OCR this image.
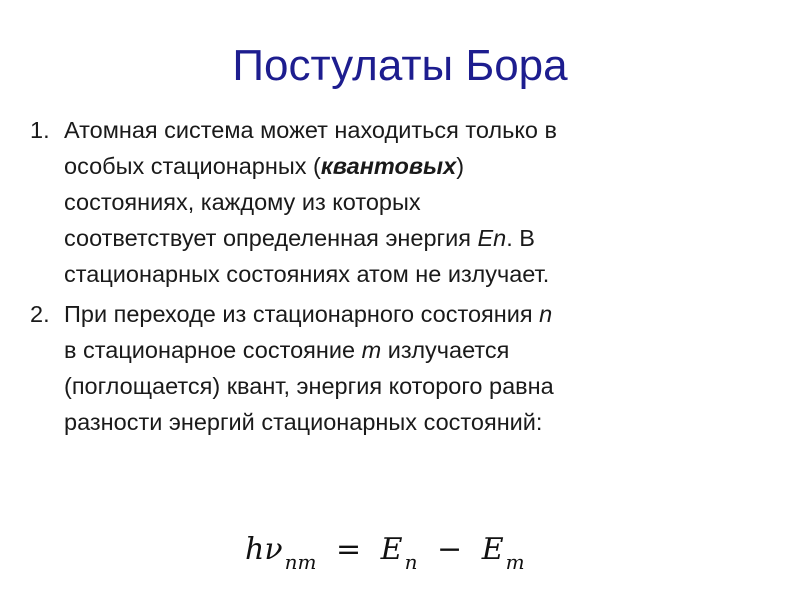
Постулаты Бора
1. Атомная система может находиться только в
особых стационарных (квантовых)
состояниях, каждому из которых
соответствует определенная энергия En. В
стационарных состояниях атом не излучает.
2. При переходе из стационарного состояния n
в стационарное состояние m излучается
(поглощается) квант, энергия которого равна
разности энергий стационарных состояний:
hν $_{nm}$ = E $_n$ − E $_m$
